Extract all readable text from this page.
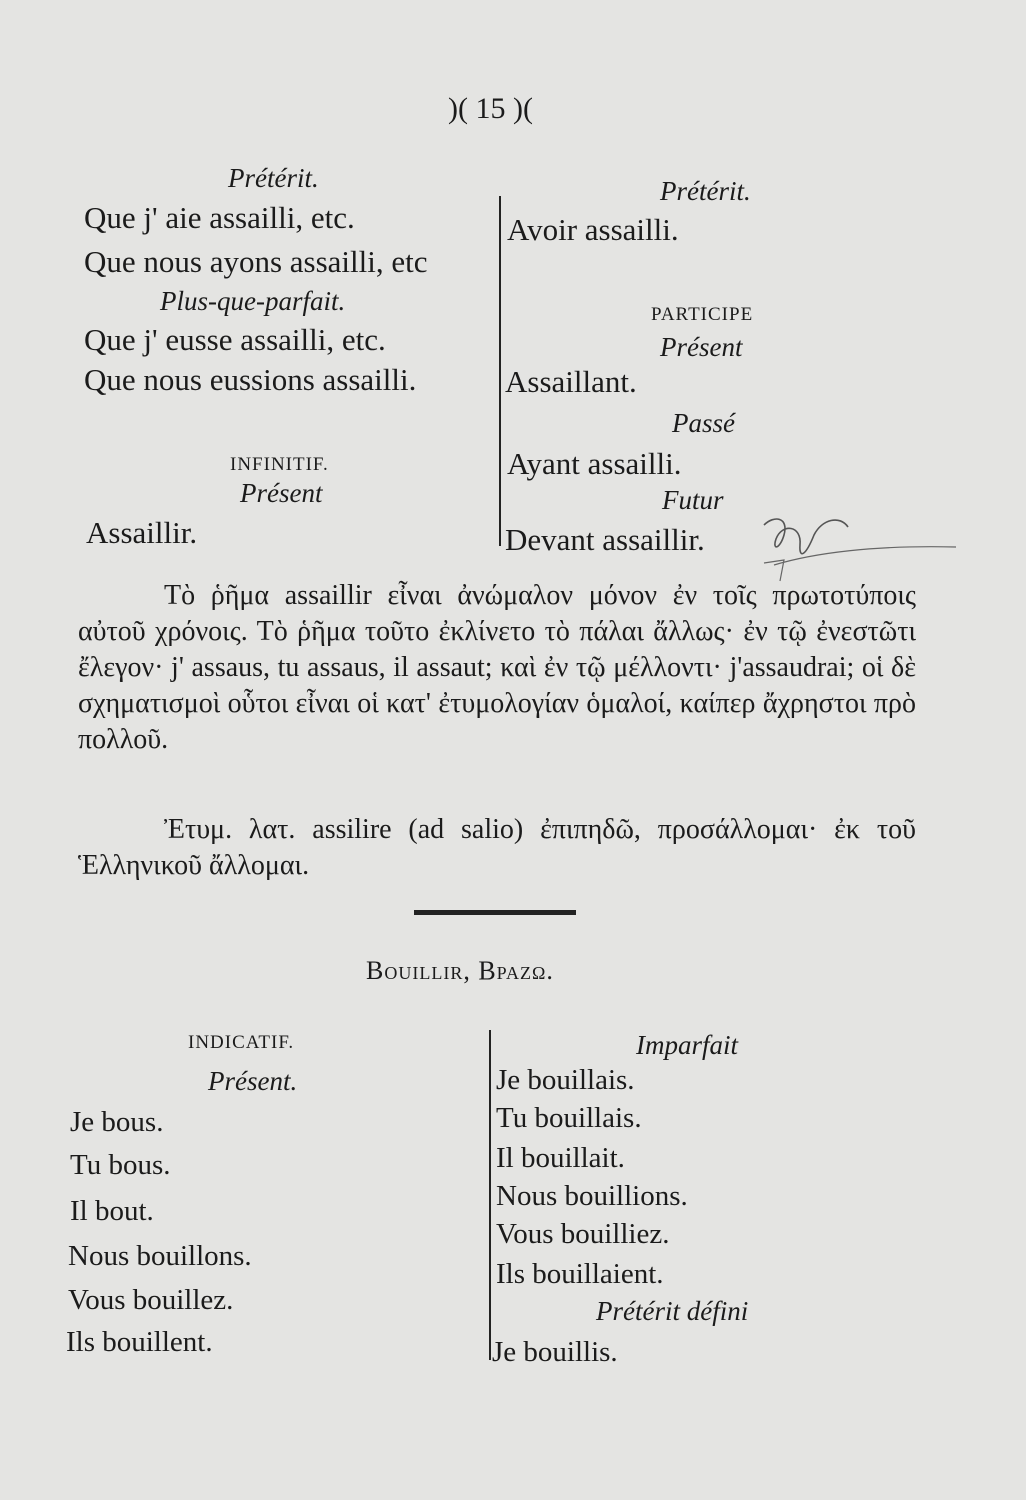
)( 15 )(
Prétérit.
Que j' aie assailli, etc.
Que nous ayons assailli, etc
Plus-que-parfait.
Que j' eusse assailli, etc.
Que nous eussions assailli.
INFINITIF.
Présent
Assaillir.
Prétérit.
Avoir assailli.
PARTICIPE
Présent
Assaillant.
Passé
Ayant assailli.
Futur
Devant assaillir.

Τὸ ῥῆμα assaillir εἶναι ἀνώμαλον μόνον ἐν τοῖς πρωτοτύποις αὐτοῦ χρόνοις. Τὸ ῥῆμα τοῦτο ἐκλίνετο τὸ πάλαι ἄλλως· ἐν τῷ ἐνεστῶτι ἔλεγον· j' assaus, tu assaus, il assaut; καὶ ἐν τῷ μέλλοντι· j'assaudrai; οἱ δὲ σχηματισμοὶ οὗτοι εἶναι οἱ κατ' ἐτυμολογίαν ὁμαλοί, καίπερ ἄχρηστοι πρὸ πολλοῦ.

Ἐτυμ. λατ. assilire (ad salio) ἐπιπηδῶ, προσάλλομαι· ἐκ τοῦ Ἑλληνικοῦ ἄλλομαι.

Bouillir, Βραζω.
INDICATIF.
Présent.
Je bous.
Tu bous.
Il bout.
Nous bouillons.
Vous bouillez.
Ils bouillent.
Imparfait
Je bouillais.
Tu bouillais.
Il bouillait.
Nous bouillions.
Vous bouilliez.
Ils bouillaient.
Prétérit défini
Je bouillis.
